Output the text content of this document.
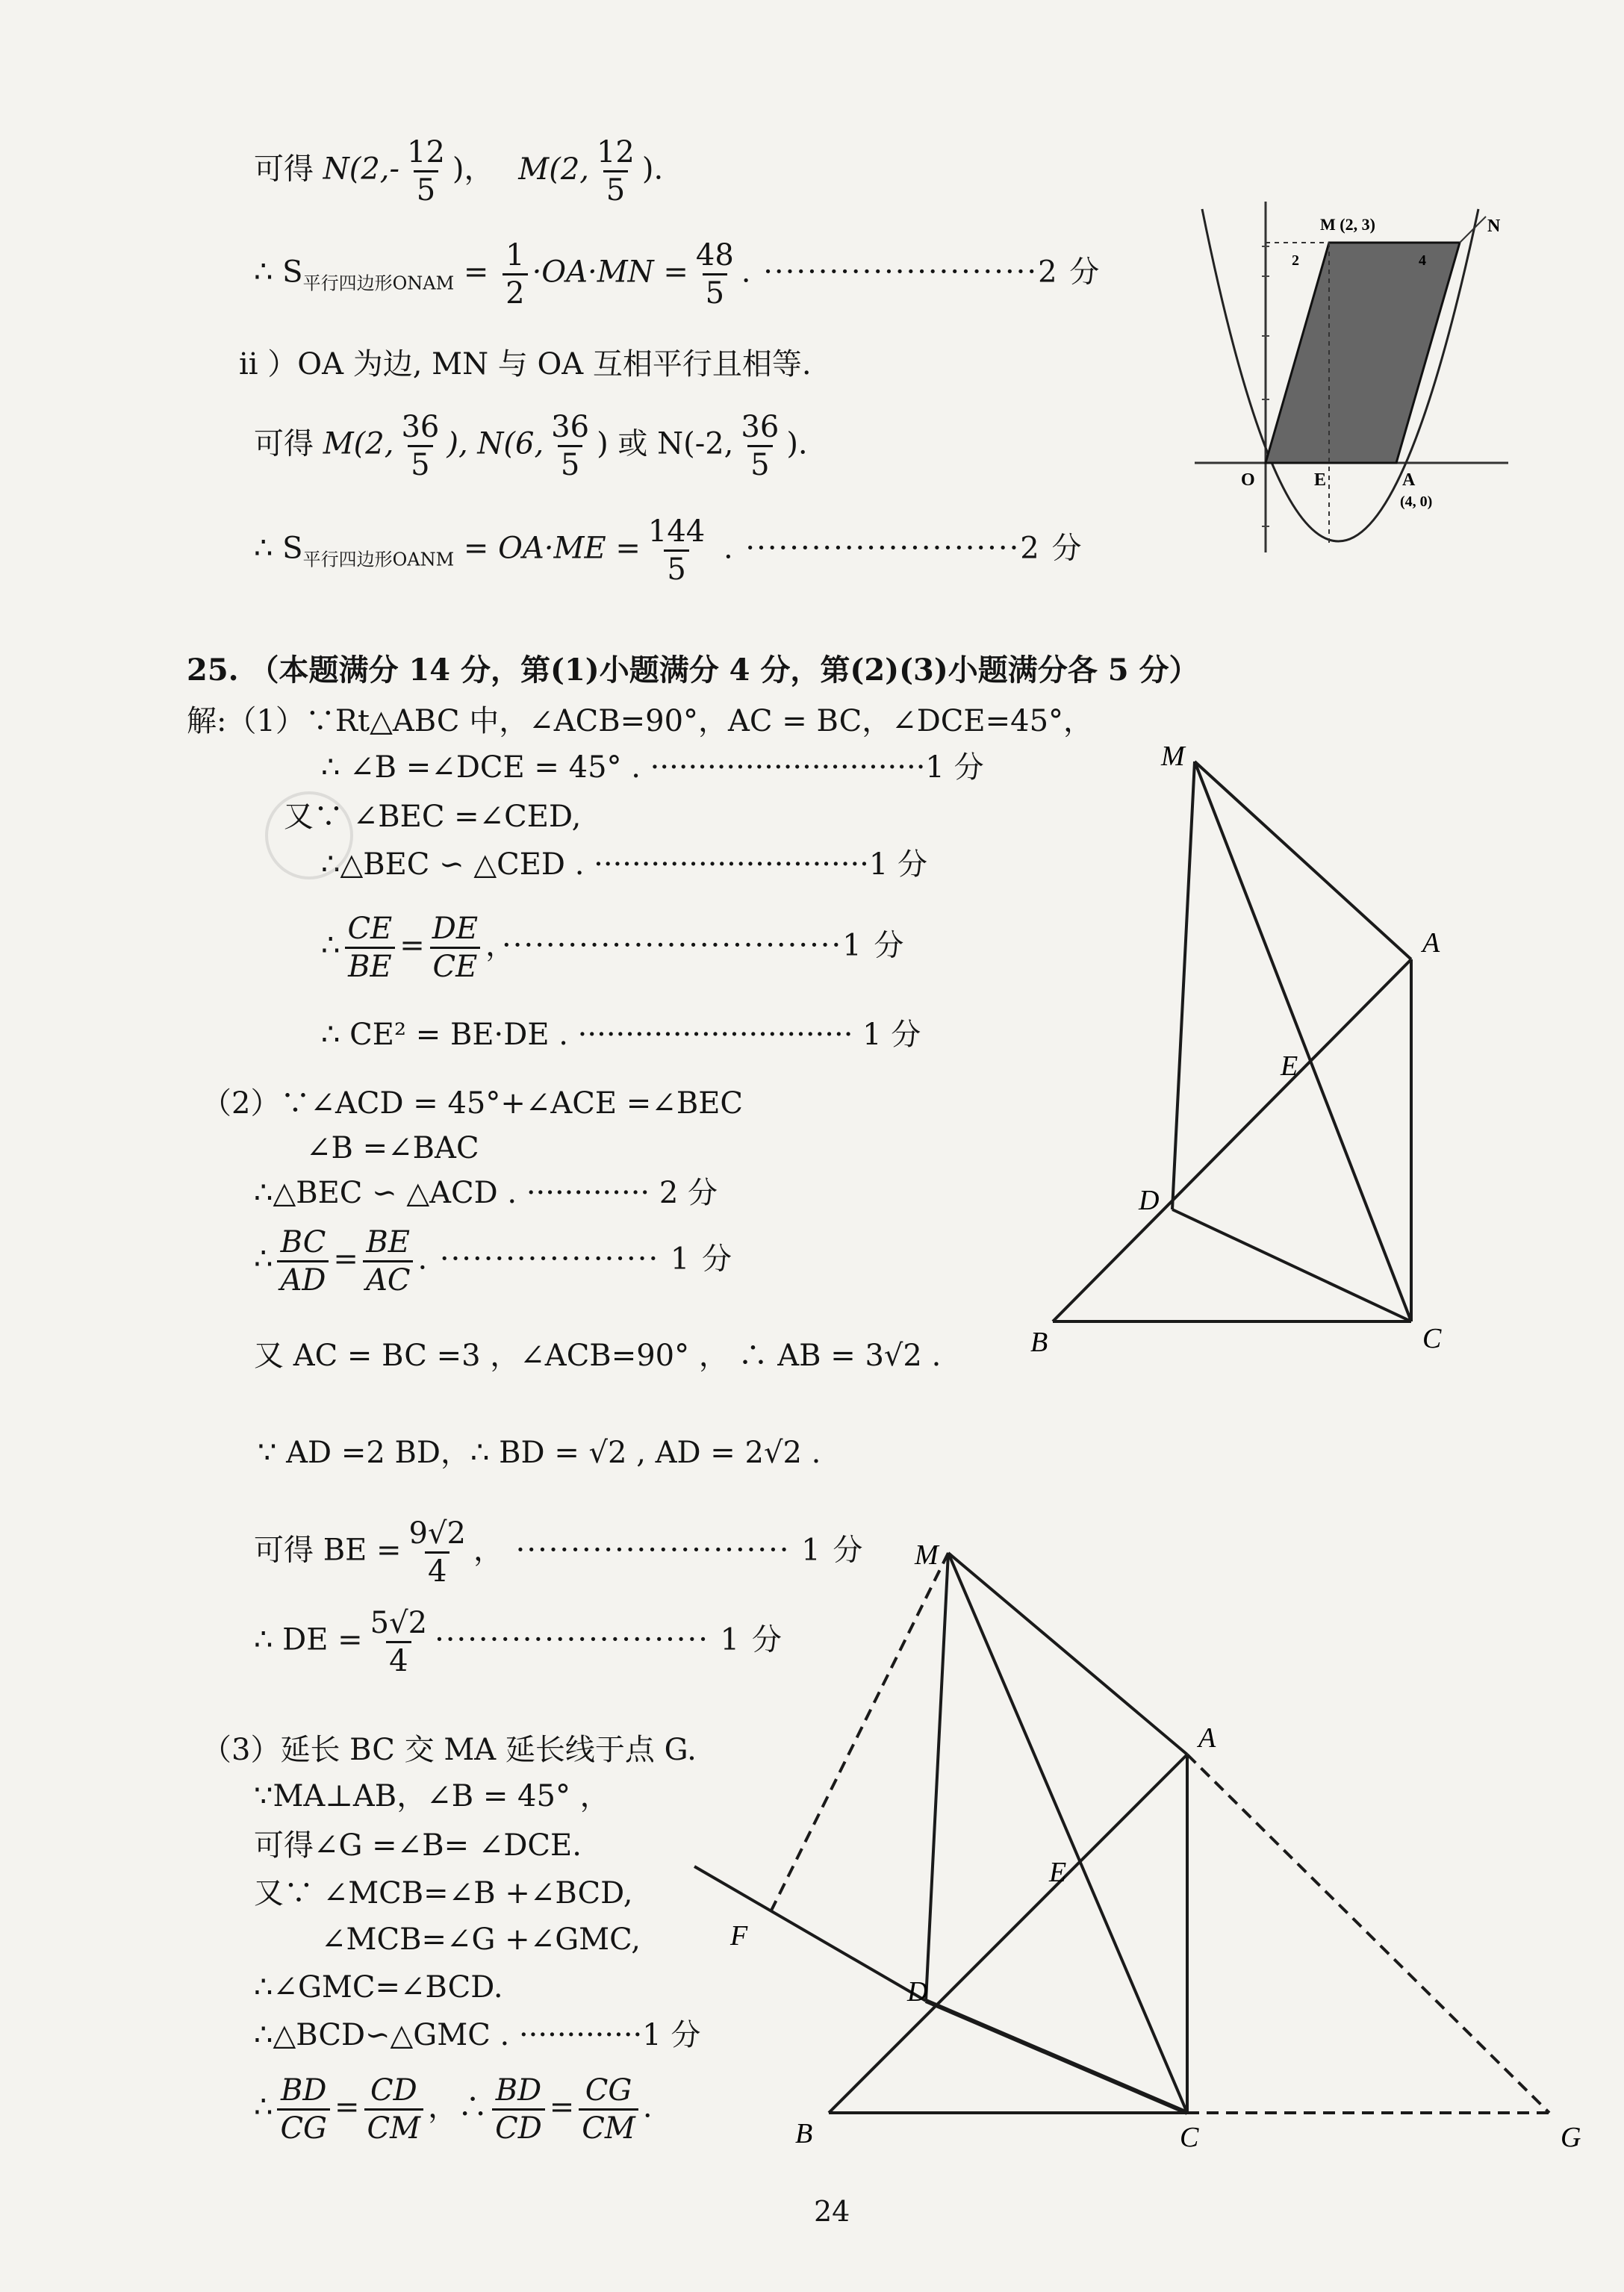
可得 $N(2,- \frac{12}{5}$ )， M(2, $\frac{12}{5}$ ).
∴ $S_{平行四边形ONAM} = \frac{1}{2} \cdot OA\cdot MN = \frac{48}{5}$ . ·························2 分
ii ）OA 为边, MN 与 OA 互相平行且相等.
可得 M(2, $\frac{36}{5}$ ), N(6, $\frac{36}{5}$ ) 或 N(-2, $\frac{36}{5}$ ).
∴ $S_{平行四边形OANM} = OA\cdot ME = \frac{144}{5}$ . ·························2 分
M (2, 3)	N
O	E	A
(4, 0)
2	4
25. （本题满分 14 分，第(1)小题满分 4 分，第(2)(3)小题满分各 5 分）
解:（1）∵Rt△ABC 中，∠ACB=90°，AC = BC，∠DCE=45°，
∴ ∠B =∠DCE = 45° . ·····························1 分
又∵ ∠BEC =∠CED,
∴△BEC ∽ △CED . ·····························1 分
∴ $\frac{CE}{BE} = \frac{DE}{CE}$ ，·······························1 分
∴ CE² = BE·DE . ····························· 1 分
（2）∵∠ACD = 45°+∠ACE =∠BEC
∠B =∠BAC
∴△BEC ∽ △ACD . ············· 2 分
∴ $\frac{BC}{AD} = \frac{BE}{AC}$ . ···················· 1 分
又 AC = BC =3 ，∠ACB=90° ， ∴ AB = 3√2 .
∵ AD =2 BD，∴ BD = √2 , AD = 2√2 .
可得 BE = $\frac{9√2}{4}$ ， ························· 1 分
∴ DE = $\frac{5√2}{4}$ ························· 1 分
（3）延长 BC 交 MA 延长线于点 G.
∵MA⊥AB，∠B = 45° ，
可得∠G =∠B= ∠DCE.
又∵ ∠MCB=∠B +∠BCD,
∠MCB=∠G +∠GMC,
∴∠GMC=∠BCD.
∴△BCD∽△GMC . ·············1 分
∴ $\frac{BD}{CG} = \frac{CD}{CM}$ ，∴ $\frac{BD}{CD} = \frac{CG}{CM}$ .
M
A
E
D
B	C
M
A
E
F
D
B	C	G
24
